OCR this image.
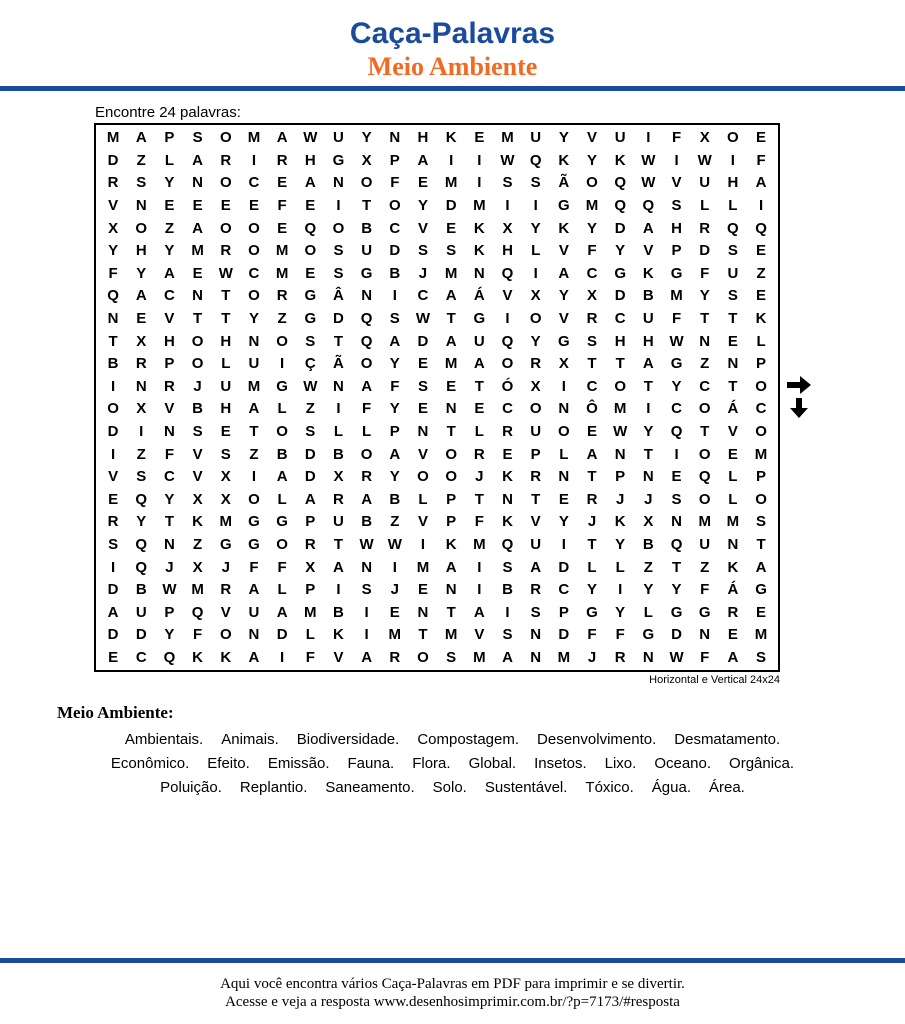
Caça-Palavras
Meio Ambiente

Encontre 24 palavras:

M	A	P	S	O	M	A	W	U	Y	N	H	K	E	M	U	Y	V	U	I	F	X	O	E
D	Z	L	A	R	I	R	H	G	X	P	A	I	I	W	Q	K	Y	K	W	I	W	I	F
R	S	Y	N	O	C	E	A	N	O	F	E	M	I	S	S	Ã	O	Q	W	V	U	H	A
V	N	E	E	E	E	F	E	I	T	O	Y	D	M	I	I	G	M	Q	Q	S	L	L	I
X	O	Z	A	O	O	E	Q	O	B	C	V	E	K	X	Y	K	Y	D	A	H	R	Q	Q
Y	H	Y	M	R	O	M	O	S	U	D	S	S	K	H	L	V	F	Y	V	P	D	S	E
F	Y	A	E	W	C	M	E	S	G	B	J	M	N	Q	I	A	C	G	K	G	F	U	Z
Q	A	C	N	T	O	R	G	Â	N	I	C	A	Á	V	X	Y	X	D	B	M	Y	S	E
N	E	V	T	T	Y	Z	G	D	Q	S	W	T	G	I	O	V	R	C	U	F	T	T	K
T	X	H	O	H	N	O	S	T	Q	A	D	A	U	Q	Y	G	S	H	H	W	N	E	L
B	R	P	O	L	U	I	Ç	Ã	O	Y	E	M	A	O	R	X	T	T	A	G	Z	N	P
I	N	R	J	U	M	G	W	N	A	F	S	E	T	Ó	X	I	C	O	T	Y	C	T	O
O	X	V	B	H	A	L	Z	I	F	Y	E	N	E	C	O	N	Ô	M	I	C	O	Á	C
D	I	N	S	E	T	O	S	L	L	P	N	T	L	R	U	O	E	W	Y	Q	T	V	O
I	Z	F	V	S	Z	B	D	B	O	A	V	O	R	E	P	L	A	N	T	I	O	E	M
V	S	C	V	X	I	A	D	X	R	Y	O	O	J	K	R	N	T	P	N	E	Q	L	P
E	Q	Y	X	X	O	L	A	R	A	B	L	P	T	N	T	E	R	J	J	S	O	L	O
R	Y	T	K	M	G	G	P	U	B	Z	V	P	F	K	V	Y	J	K	X	N	M	M	S
S	Q	N	Z	G	G	O	R	T	W W	I	K	M	Q	U	I	T	Y	B	Q	U	N	T
I	Q	J	X	J	F	F	X	A	N	I	M	A	I	S	A	D	L	L	Z	T	Z	K	A
D	B	W M	R	A	L	P	I	S	J	E	N	I	B	R	C	Y	I	Y	Y	F	Á	G
A	U	P	Q	V	U	A	M	B	I	E	N	T	A	I	S	P	G	Y	L	G	G	R	E
D	D	Y	F	O	N	D	L	K	I	M	T	M	V	S	N	D	F	F	G	D	N	E	M
E	C	Q	K	K	A	I	F	V	A	R	O	S	M	A	N	M	J	R	N	W	F	A	S
Horizontal e Vertical 24x24
Meio Ambiente:
Ambientais. Animais. Biodiversidade. Compostagem. Desenvolvimento. Desmatamento.
Econômico. Efeito. Emissão. Fauna. Flora. Global. Insetos. Lixo. Oceano. Orgânica.
Poluição. Replantio. Saneamento. Solo. Sustentável. Tóxico. Água. Área.
Aqui você encontra vários Caça-Palavras em PDF para imprimir e se divertir.
Acesse e veja a resposta www.desenhosimprimir.com.br/?p=7173/#resposta
